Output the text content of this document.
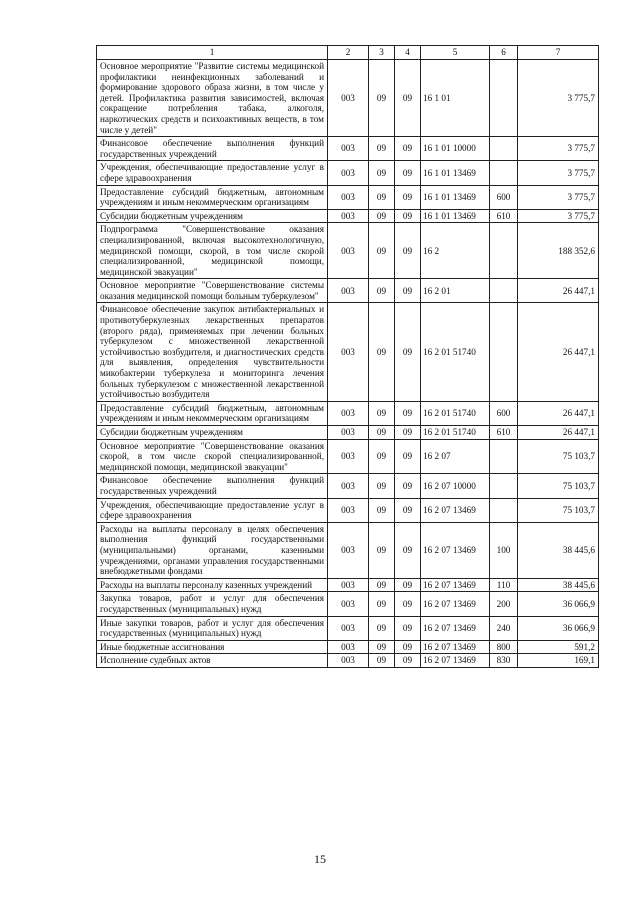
1	2	3	4	5	6	7
Основное мероприятие "Развитие системы медицинской профилактики неинфекционных заболеваний и формирование здорового образа жизни, в том числе у детей. Профилактика развития зависимостей, включая сокращение потребления табака, алкоголя, наркотических средств и психоактивных веществ, в том числе у детей"	003	09	09	16 1 01		3 775,7
Финансовое обеспечение выполнения функций государственных учреждений	003	09	09	16 1 01 10000		3 775,7
Учреждения, обеспечивающие предоставление услуг в сфере здравоохранения	003	09	09	16 1 01 13469		3 775,7
Предоставление субсидий бюджетным, автономным учреждениям и иным некоммерческим организациям	003	09	09	16 1 01 13469	600	3 775,7
Субсидии бюджетным учреждениям	003	09	09	16 1 01 13469	610	3 775,7
Подпрограмма "Совершенствование оказания специализированной, включая высокотехнологичную, медицинской помощи, скорой, в том числе скорой специализированной, медицинской помощи, медицинской эвакуации"	003	09	09	16 2		188 352,6
Основное мероприятие "Совершенствование системы оказания медицинской помощи больным туберкулезом"	003	09	09	16 2 01		26 447,1
Финансовое обеспечение закупок антибактериальных и противотуберкулезных лекарственных препаратов (второго ряда), применяемых при лечении больных туберкулезом с множественной лекарственной устойчивостью возбудителя, и диагностических средств для выявления, определения чувствительности микобактерии туберкулеза и мониторинга лечения больных туберкулезом с множественной лекарственной устойчивостью возбудителя	003	09	09	16 2 01 51740		26 447,1
Предоставление субсидий бюджетным, автономным учреждениям и иным некоммерческим организациям	003	09	09	16 2 01 51740	600	26 447,1
Субсидии бюджетным учреждениям	003	09	09	16 2 01 51740	610	26 447,1
Основное мероприятие "Совершенствование оказания скорой, в том числе скорой специализированной, медицинской помощи, медицинской эвакуации"	003	09	09	16 2 07		75 103,7
Финансовое обеспечение выполнения функций государственных учреждений	003	09	09	16 2 07 10000		75 103,7
Учреждения, обеспечивающие предоставление услуг в сфере здравоохранения	003	09	09	16 2 07 13469		75 103,7
Расходы на выплаты персоналу в целях обеспечения выполнения функций государственными (муниципальными) органами, казенными учреждениями, органами управления государственными внебюджетными фондами	003	09	09	16 2 07 13469	100	38 445,6
Расходы на выплаты персоналу казенных учреждений	003	09	09	16 2 07 13469	110	38 445,6
Закупка товаров, работ и услуг для обеспечения государственных (муниципальных) нужд	003	09	09	16 2 07 13469	200	36 066,9
Иные закупки товаров, работ и услуг для обеспечения государственных (муниципальных) нужд	003	09	09	16 2 07 13469	240	36 066,9
Иные бюджетные ассигнования	003	09	09	16 2 07 13469	800	591,2
Исполнение судебных актов	003	09	09	16 2 07 13469	830	169,1
15
